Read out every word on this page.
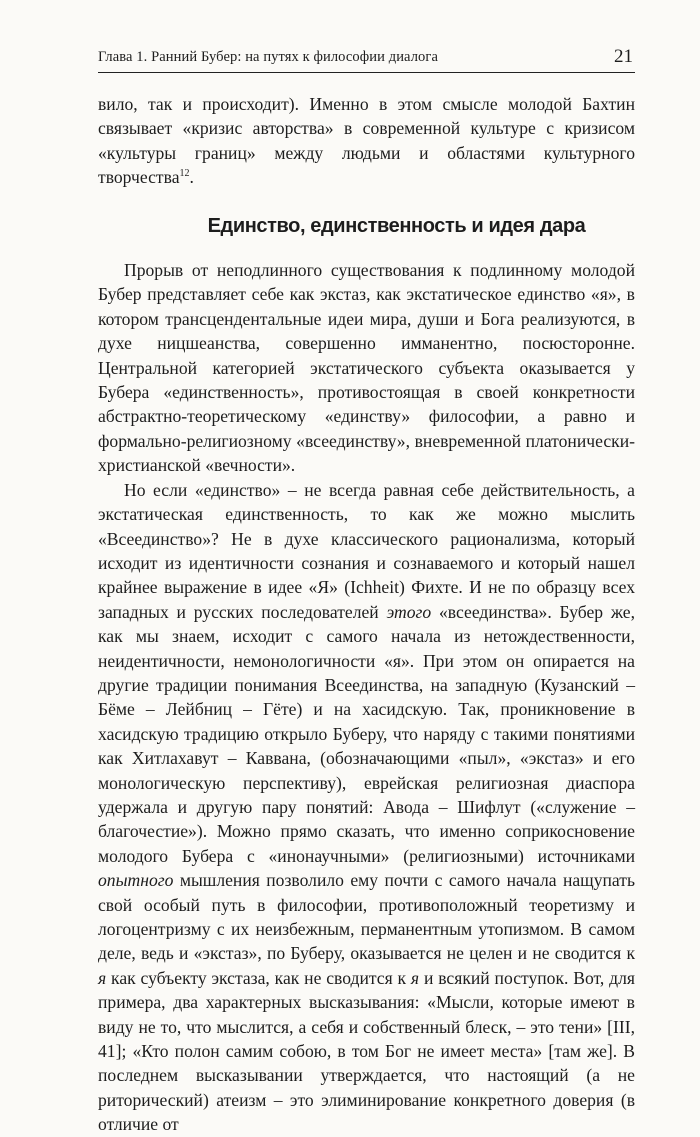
Глава 1. Ранний Бубер: на путях к философии диалога	21

вило, так и происходит). Именно в этом смысле молодой Бахтин связывает «кризис авторства» в современной культуре с кризисом «культуры границ» между людьми и областями культурного творчества$^{12}$.

Единство, единственность и идея дара

Прорыв от неподлинного существования к подлинному молодой Бубер представляет себе как экстаз, как экстатическое единство «я», в котором трансцендентальные идеи мира, души и Бога реализуются, в духе ницшеанства, совершенно имманентно, посюсторонне. Центральной категорией экстатического субъекта оказывается у Бубера «единственность», противостоящая в своей конкретности абстрактно-теоретическому «единству» философии, а равно и формально-религиозному «всеединству», вневременной платонически-христианской «вечности».

Но если «единство» – не всегда равная себе действительность, а экстатическая единственность, то как же можно мыслить «Всеединство»? Не в духе классического рационализма, который исходит из идентичности сознания и сознаваемого и который нашел крайнее выражение в идее «Я» (Ichheit) Фихте. И не по образцу всех западных и русских последователей этого «всеединства». Бубер же, как мы знаем, исходит с самого начала из нетождественности, неидентичности, немонологичности «я». При этом он опирается на другие традиции понимания Всеединства, на западную (Кузанский – Бёме – Лейбниц – Гёте) и на хасидскую. Так, проникновение в хасидскую традицию открыло Буберу, что наряду с такими понятиями как Хитлахавут – Каввана, (обозначающими «пыл», «экстаз» и его монологическую перспективу), еврейская религиозная диаспора удержала и другую пару понятий: Авода – Шифлут («служение – благочестие»). Можно прямо сказать, что именно соприкосновение молодого Бубера с «инонаучными» (религиозными) источниками опытного мышления позволило ему почти с самого начала нащупать свой особый путь в философии, противоположный теоретизму и логоцентризму с их неизбежным, перманентным утопизмом. В самом деле, ведь и «экстаз», по Буберу, оказывается не целен и не сводится к я как субъекту экстаза, как не сводится к я и всякий поступок. Вот, для примера, два характерных высказывания: «Мысли, которые имеют в виду не то, что мыслится, а себя и собственный блеск, – это тени» [III, 41]; «Кто полон самим собою, в том Бог не имеет места» [там же]. В последнем высказывании утверждается, что настоящий (а не риторический) атеизм – это элиминирование конкретного доверия (в отличие от
